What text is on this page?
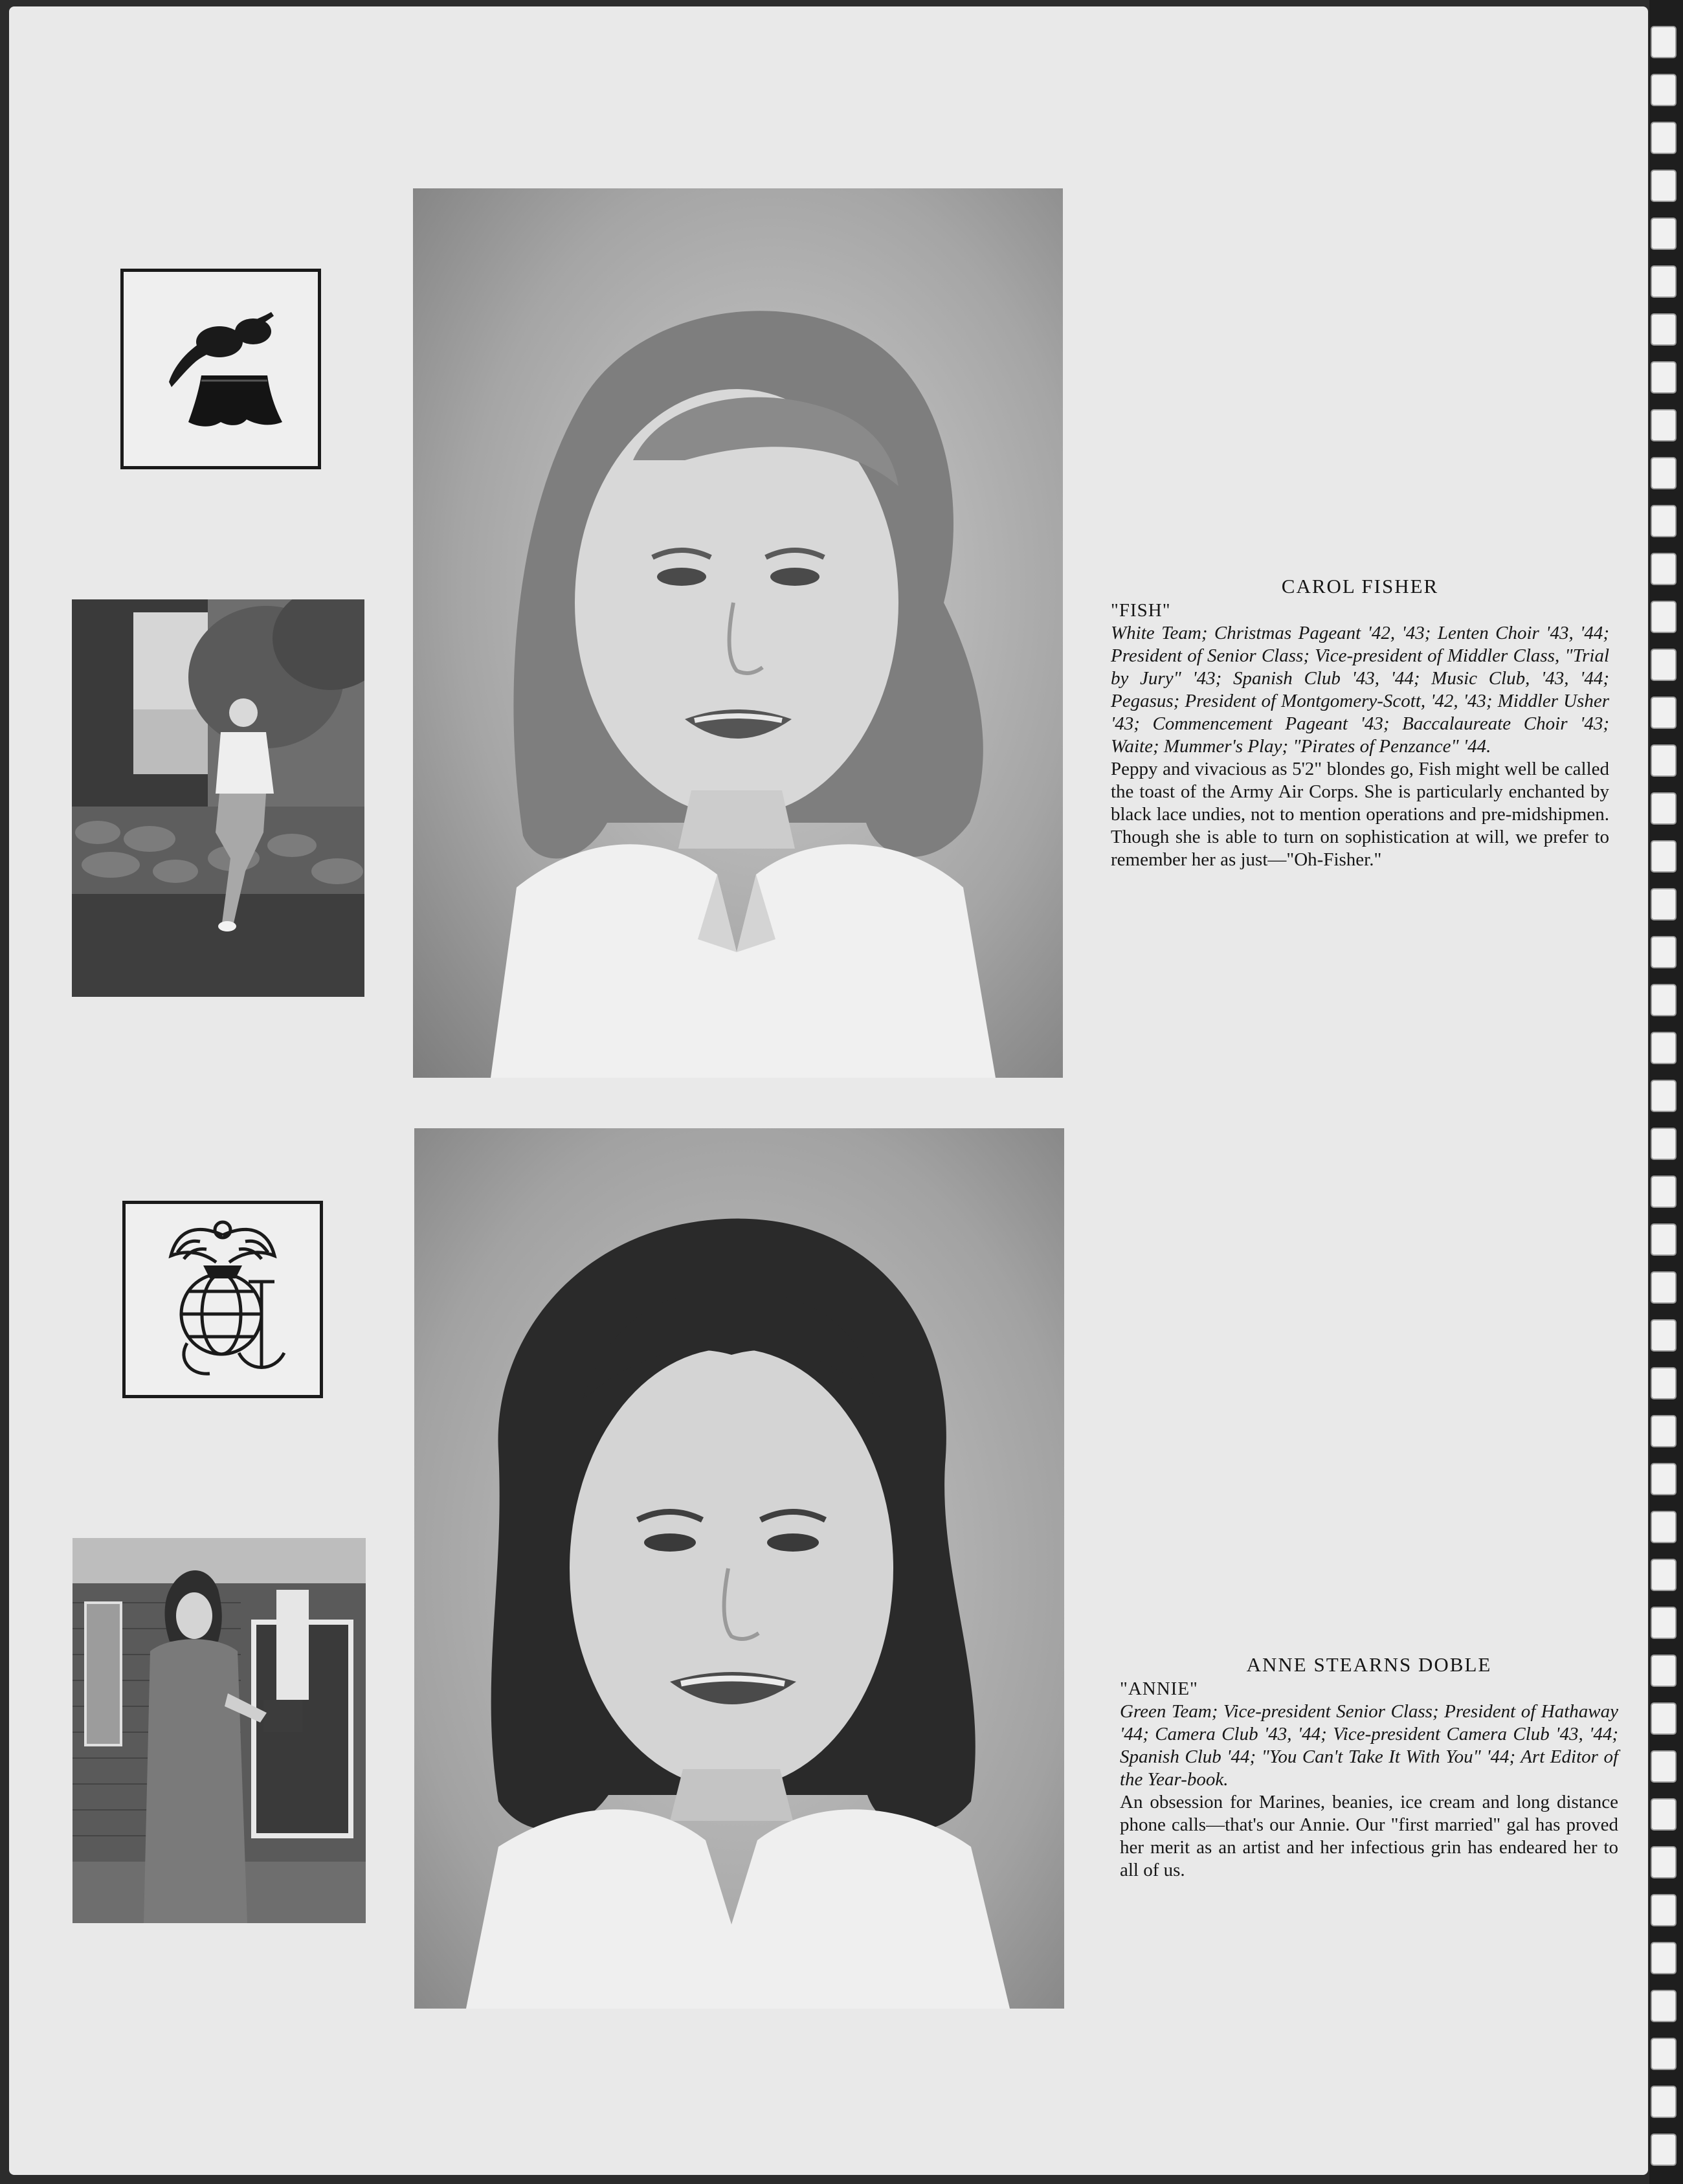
CAROL FISHER
"FISH"
White Team; Christmas Pageant '42, '43; Lenten Choir '43, '44; President of Senior Class; Vice-president of Middler Class, "Trial by Jury" '43; Spanish Club '43, '44; Music Club, '43, '44; Pegasus; President of Montgomery-Scott, '42, '43; Middler Usher '43; Commencement Pageant '43; Baccalaureate Choir '43; Waite; Mummer's Play; "Pirates of Penzance" '44.
Peppy and vivacious as 5'2" blondes go, Fish might well be called the toast of the Army Air Corps. She is particularly enchanted by black lace undies, not to mention operations and pre-midshipmen. Though she is able to turn on sophistication at will, we prefer to remember her as just—"Oh-Fisher."
ANNE STEARNS DOBLE
"ANNIE"
Green Team; Vice-president Senior Class; President of Hathaway '44; Camera Club '43, '44; Vice-president Camera Club '43, '44; Spanish Club '44; "You Can't Take It With You" '44; Art Editor of the Year-book.
An obsession for Marines, beanies, ice cream and long distance phone calls—that's our Annie. Our "first married" gal has proved her merit as an artist and her infectious grin has endeared her to all of us.
